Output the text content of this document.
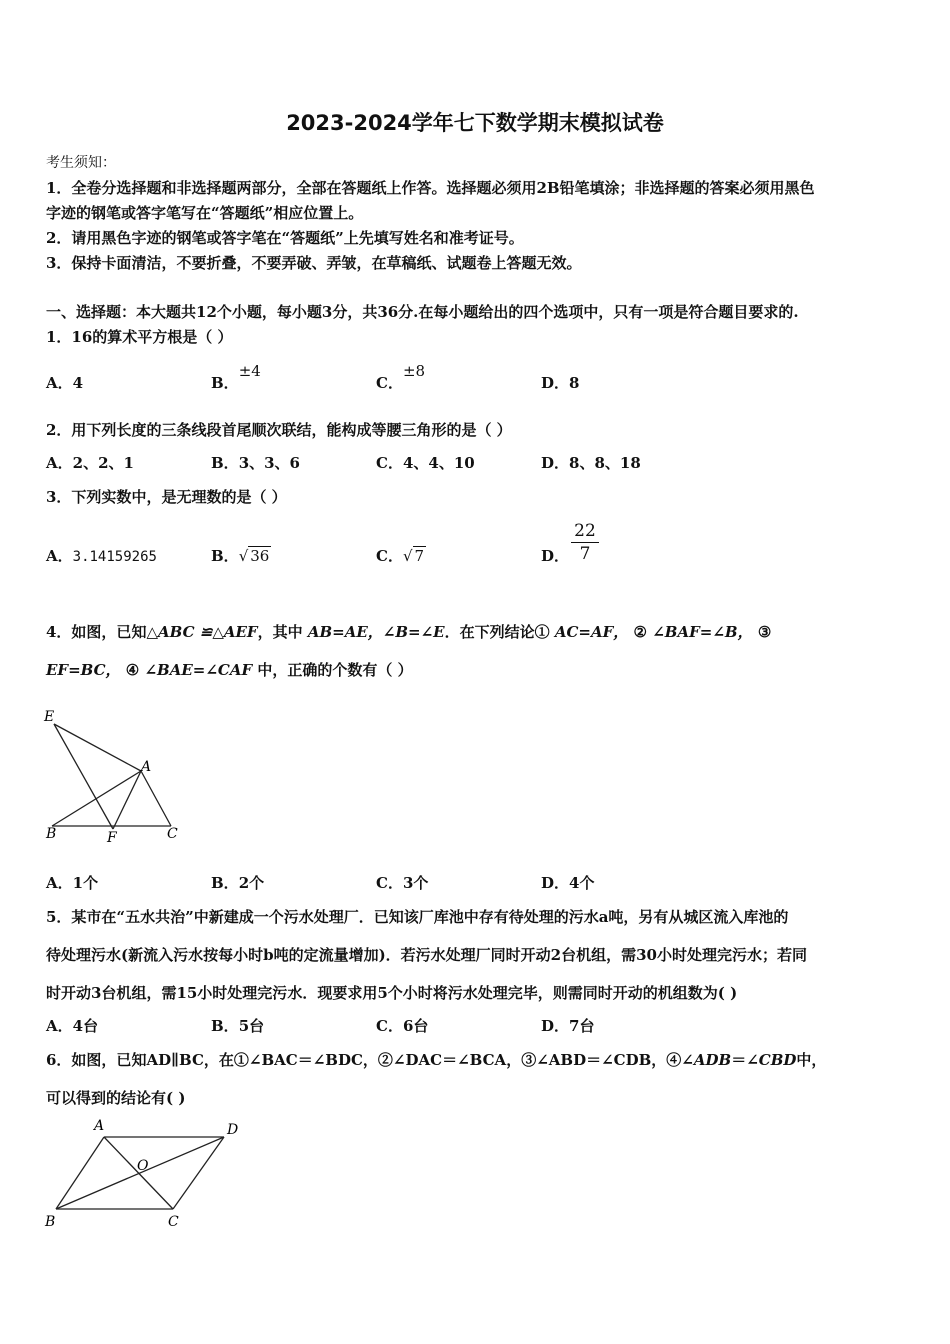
2023-2024学年七下数学期末模拟试卷
考生须知：
1．全卷分选择题和非选择题两部分，全部在答题纸上作答。选择题必须用2B铅笔填涂；非选择题的答案必须用黑色
字迹的钢笔或答字笔写在“答题纸”相应位置上。
2．请用黑色字迹的钢笔或答字笔在“答题纸”上先填写姓名和准考证号。
3．保持卡面清洁，不要折叠，不要弄破、弄皱，在草稿纸、试题卷上答题无效。
一、选择题：本大题共12个小题，每小题3分，共36分.在每小题给出的四个选项中，只有一项是符合题目要求的.
1．16的算术平方根是（ ）
A．4	B．±4
C．±8
D．8
2．用下列长度的三条线段首尾顺次联结，能构成等腰三角形的是（ ）
A．2、2、1	B．3、3、6	C．4、4、10	D．8、8、18
3．下列实数中，是无理数的是（ ）
A．3.14159265	B．√ 36	C．√ 7	D． $\frac{22}{7}$
4．如图，已知△ABC ≌△AEF，其中 AB=AE，∠B=∠E．在下列结论① AC=AF， ② ∠BAF=∠B， ③
EF=BC， ④ ∠BAE=∠CAF 中，正确的个数有（ ）
E
A
B	F	C
A．1个	B．2个	C．3个	D．4个
5．某市在“五水共治”中新建成一个污水处理厂．已知该厂库池中存有待处理的污水a吨，另有从城区流入库池的
待处理污水(新流入污水按每小时b吨的定流量增加)．若污水处理厂同时开动2台机组，需30小时处理完污水；若同
时开动3台机组，需15小时处理完污水．现要求用5个小时将污水处理完毕，则需同时开动的机组数为( )
A．4台	B．5台	C．6台	D．7台
6．如图，已知AD∥BC，在①∠BAC＝∠BDC，②∠DAC＝∠BCA，③∠ABD＝∠CDB，④∠ADB＝∠CBD中，
可以得到的结论有( )
A	D
O
B	C
